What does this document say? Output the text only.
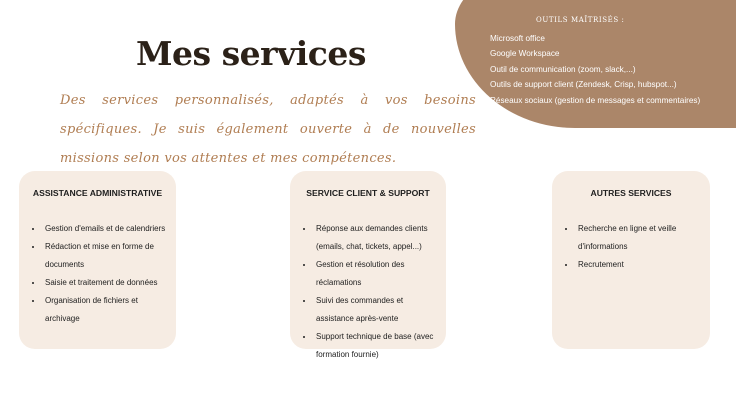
OUTILS MAÎTRISÉS :
Microsoft office
Google Workspace
Outil de communication (zoom, slack,...)
Outils de support client (Zendesk, Crisp, hubspot...)
Réseaux sociaux (gestion de messages et commentaires)
Mes services

Des services personnalisés, adaptés à vos besoins spécifiques. Je suis également ouverte à de nouvelles missions selon vos attentes et mes compétences.

ASSISTANCE ADMINISTRATIVE
• Gestion d'emails et de calendriers
• Rédaction et mise en forme de documents
• Saisie et traitement de données
• Organisation de fichiers et archivage
SERVICE CLIENT & SUPPORT
• Réponse aux demandes clients (emails, chat, tickets, appel...)
• Gestion et résolution des réclamations
• Suivi des commandes et assistance après-vente
• Support technique de base (avec formation fournie)
AUTRES SERVICES
• Recherche en ligne et veille d'informations
• Recrutement
